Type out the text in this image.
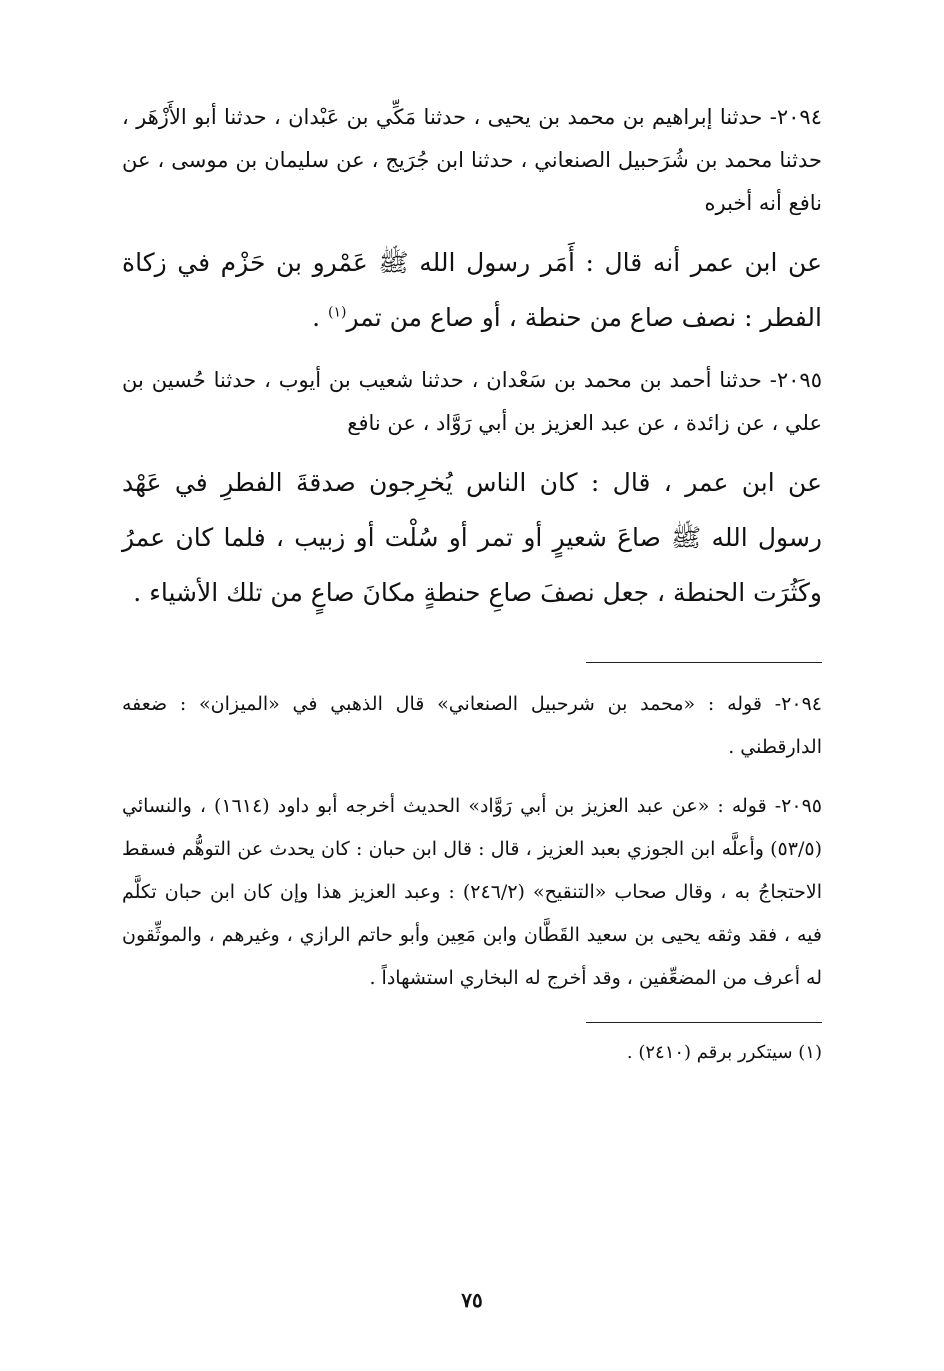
٢٠٩٤- حدثنا إبراهيم بن محمد بن يحيى ، حدثنا مَكِّي بن عَبْدان ، حدثنا أبو الأَزْهَر ، حدثنا محمد بن شُرَحبيل الصنعاني ، حدثنا ابن جُرَيج ، عن سليمان بن موسى ، عن نافع أنه أخبره

عن ابن عمر أنه قال : أَمَر رسول الله ﷺ عَمْرو بن حَزْم في زكاة الفطر : نصف صاع من حنطة ، أو صاع من تمر$^{(١)}$ .

٢٠٩٥- حدثنا أحمد بن محمد بن سَعْدان ، حدثنا شعيب بن أيوب ، حدثنا حُسين بن علي ، عن زائدة ، عن عبد العزيز بن أبي رَوَّاد ، عن نافع

عن ابن عمر ، قال : كان الناس يُخرِجون صدقةَ الفطرِ في عَهْد رسول الله ﷺ صاعَ شعيرٍ أو تمر أو سُلْت أو زبيب ، فلما كان عمرُ وكَثُرَت الحنطة ، جعل نصفَ صاعِ حنطةٍ مكانَ صاعٍ من تلك الأشياء .

٢٠٩٤- قوله : «محمد بن شرحبيل الصنعاني» قال الذهبي في «الميزان» : ضعفه الدارقطني .

٢٠٩٥- قوله : «عن عبد العزيز بن أبي رَوَّاد» الحديث أخرجه أبو داود (١٦١٤) ، والنسائي (٥٣/٥) وأعلَّه ابن الجوزي بعبد العزيز ، قال : قال ابن حبان : كان يحدث عن التوهُّم فسقط الاحتجاجُ به ، وقال صحاب «التنقيح» (٢٤٦/٢) : وعبد العزيز هذا وإن كان ابن حبان تكلَّم فيه ، فقد وثقه يحيى بن سعيد القَطَّان وابن مَعِين وأبو حاتم الرازي ، وغيرهم ، والموثِّقون له أعرف من المضعِّفين ، وقد أخرج له البخاري استشهاداً .

(١) سيتكرر برقم (٢٤١٠) .

٧٥
